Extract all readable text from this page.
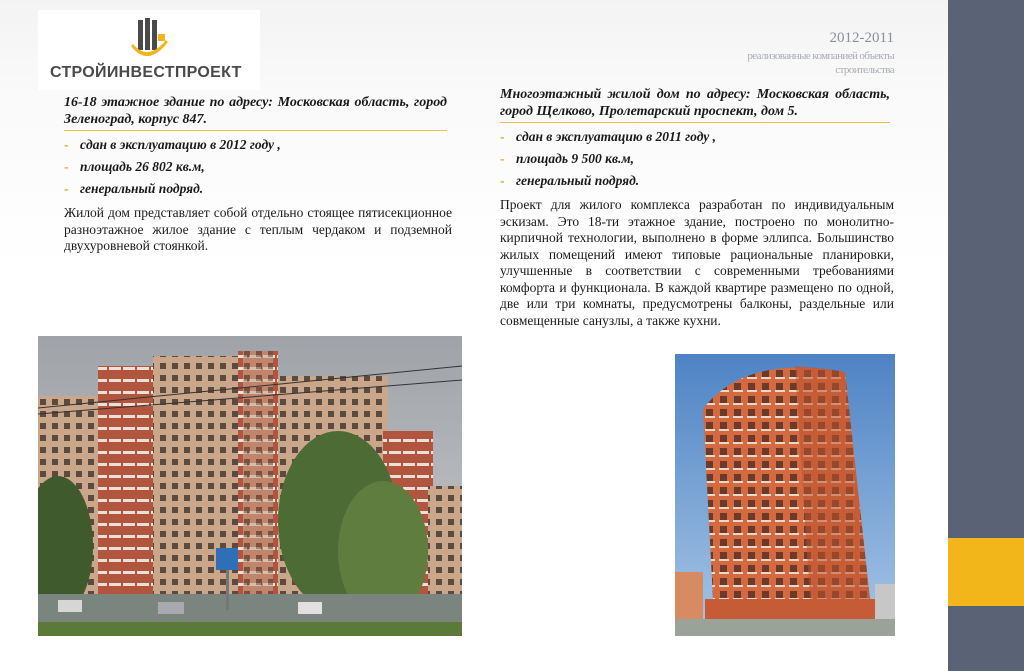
СТРОЙИНВЕСТПРОЕКТ
2012-2011
реализованные компанией объекты строительства
16-18 этажное здание по адресу: Московская область, город Зеленоград, корпус 847.
- сдан в эксплуатацию в 2012 году ,
- площадь 26 802 кв.м,
- генеральный подряд.
Жилой дом представляет собой отдельно стоящее пятисекционное разноэтажное жилое здание с теплым чердаком и подземной двухуровневой стоянкой.
Многоэтажный жилой дом по адресу: Московская область, город Щелково, Пролетарский проспект, дом 5.
- сдан в эксплуатацию в 2011 году ,
- площадь 9 500 кв.м,
- генеральный подряд.
Проект для жилого комплекса разработан по индивидуальным эскизам. Это 18-ти этажное здание, построено по монолитно-кирпичной технологии, выполнено в форме эллипса. Большинство жилых помещений имеют типовые рациональные планировки, улучшенные в соответствии с современными требованиями комфорта и функционала. В каждой квартире размещено по одной, две или три комнаты, предусмотрены балконы, раздельные или совмещенные санузлы, а также кухни.
